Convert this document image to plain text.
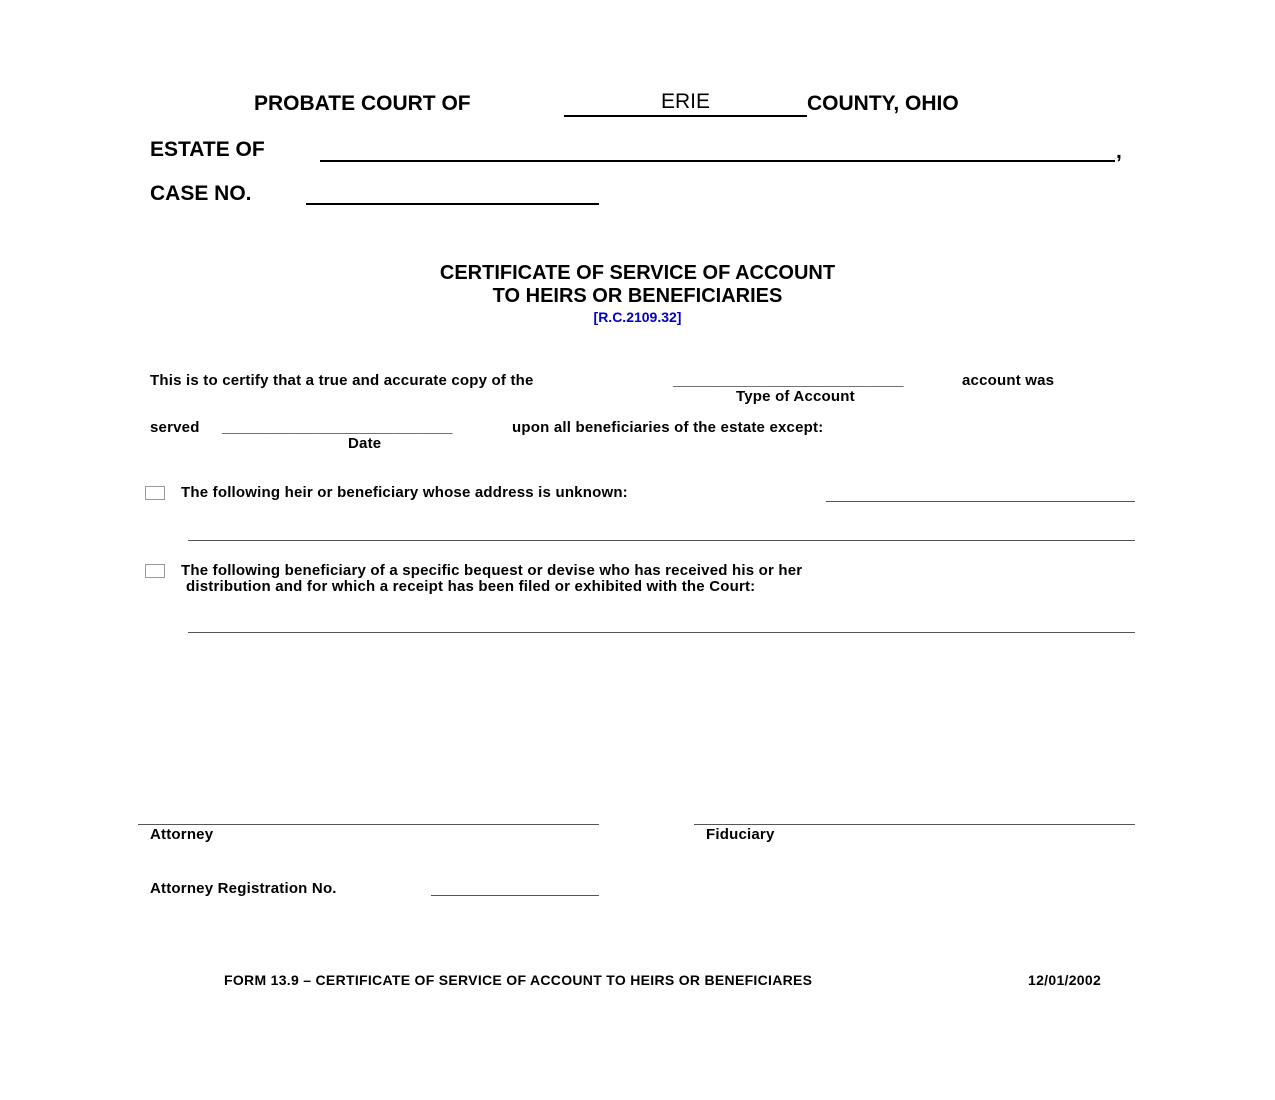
PROBATE COURT OF	ERIE	COUNTY, OHIO
ESTATE OF	,
CASE NO.
CERTIFICATE OF SERVICE OF ACCOUNT
TO HEIRS OR BENEFICIARIES
[R.C.2109.32]
This is to certify that a true and accurate copy of the	___________________________	account was
Type of Account
served ___________________________	upon all beneficiaries of the estate except:
Date
The following heir or beneficiary whose address is unknown:
The following beneficiary of a specific bequest or devise who has received his or her
distribution and for which a receipt has been filed or exhibited with the Court:
Attorney	Fiduciary
Attorney Registration No.
FORM 13.9 – CERTIFICATE OF SERVICE OF ACCOUNT TO HEIRS OR BENEFICIARES	12/01/2002
